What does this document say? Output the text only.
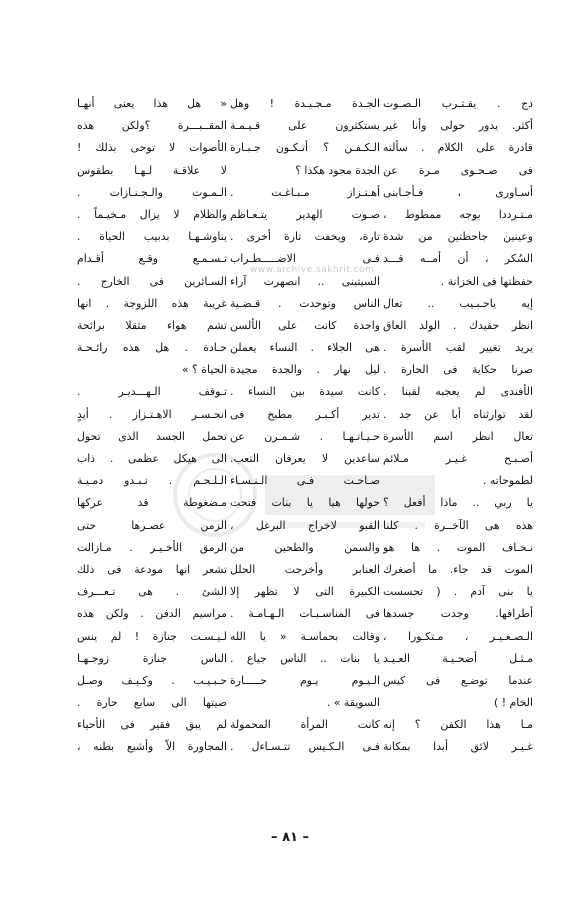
www.archive.sakhrit.com
دج . يقـتـرب الـصـوت
أكثر. يدور حولى وأنا غير
قادرة على الكلام . سألته
فى صـحـوى مـرة عن
أسـاورى ، فـأجـابنى
مـتـرددا بوجه ممطوط ،
وعينين جاحظتين من شدة
السُكر ، أن أمــه قـــد
حفظتها فى الخزانة .
إيه ياحـبـيب .. تعال
انظر حفيدك . الولد العاق
يريد تغيير لقب الأسرة .
صرنا حكاية فى الحارة .
الأفندى لم يعجبه لقبنا .
لقد توارثناه أبا عن جد .
تعال انظر اسم الأسرة
أصـبـح غـيـر مـلائم
لطموحاته .
يا ربي .. ماذا أفعل ؟
هذه هى الآخــرة . كلنا
نـخـاف الموت . ها هو
الموت قد جاء. ما أصغرك
يا بنى آدم . ( تحسست
أطرافها. وجدت جسدها
الـصـغـيـر ، مـتكـورا ،
مـثـل أضحـيـة العـيـد
عندما توضـع فى كيس
الخام ! )
مـا هذا الكفن ؟ إنه
غـيـر لائق أبدا بمكانة
الجـدة مـجـيـدة ! وهل
يستكثرون على قـيـمـة
الـكـفـن ؟ أتـكـون جـبـارة
الجدة مجود هكذا ؟
أهـتـزاز مـبـاغـت .
صـوت الهدير يتـعـاظم
تارة، ويخفت تارة أخرى .
فـى الاضـــــطـراب
السيتينى .. انصهرت آراء
الناس وتوحدت . قـضـية
واحدة كانت على الألسن
هى الجلاء . النساء يعملن
ليل نهار . والجدة مجيدة
كانت سيدة بين النساء .
تدير أكـبـر مطبخ فى
حـيـاتـهـا . شـمـرن عن
ساعدين لا يعرفان التعب.
صـاحـت فـى الـنـسـاء
حولها هيا يا بنات فتحت
القبو لاخراج البرغل ،
والسمن والطحين من
العنابر وأخرجت الحلل
الكبيرة التى لا تظهر إلا
فى المناسـبـات الـهـامـة .
وقالت بحماسـة « يا الله
يا بنات .. الناس جياع .
الـيـوم يـوم حـــــارة
السويقة » .
كانت المرأة المحمولة
فـى الـكـيس تتـسـاءل .
« هل هذا يعنى أنهـا
المقــبـــرة ؟ولكن هذه
الأصوات لا توحى بذلك !
لا علاقـة لـهـا بطقوس
الـمـوت والـجـنـازات .
والظلام لا يزال مـخيـماً .
يناوشـهـا بدبيب الحياة .
تـسـمـع وقـع أقـدام
السـائرين فى الخارج .
غريبة هذه اللزوجة . انها
تشم هواء مثقلا برائحة
حـادة . هل هذه رائـحـة
الحياة ؟ »
تـوقف الـهـــديـر .
انحـسـر الاهـتـزاز . أيدٍ
تحمل الجسد الذى تحول
الى هيكل عظمى . ذاب
الـلـحـم . تـبـدو دمـيـة
مـضغوطة قد عركها
الزمن عصـرها حتى
الرمق الأخـيـر . مـازالت
تشعر انها مودعة فى ذلك
الشئ . هى تـعـــرف
مراسيم الدفن . ولكن هذه
لـيـسـت جنازة ! لم ينس
الناس جنازة زوجـهـا
حـبـيـب . وكـيـف وصـل
صيتها الى سابع حارة .
لم يبق فقير فى الأحياء
المجاورة الاّ وأشبع بطنه ،
– ٨١ –
